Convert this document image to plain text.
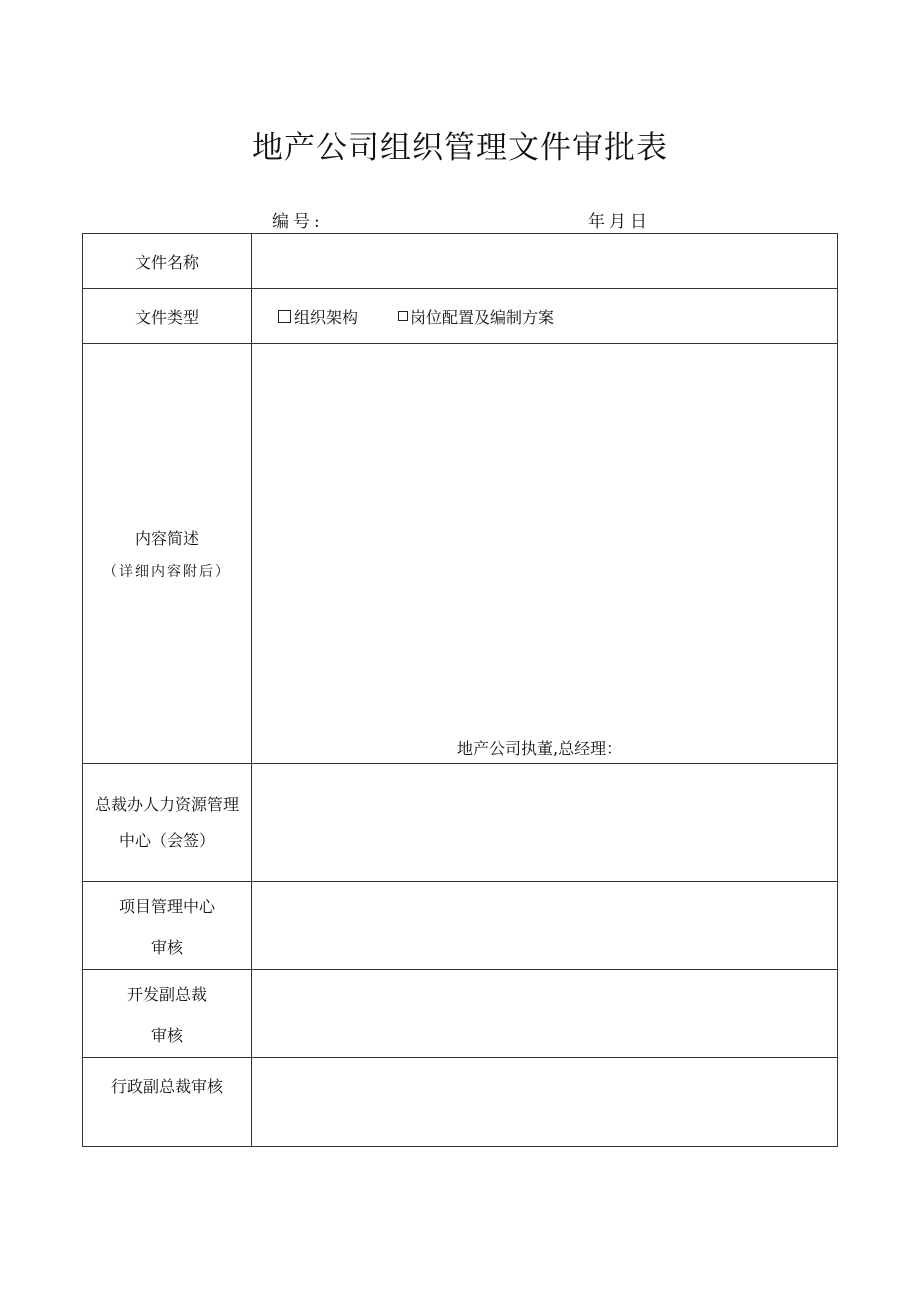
地产公司组织管理文件审批表
编号:	年月日
文件名称	
文件类型	组织架构 岗位配置及编制方案

内容简述
（详细内容附后）	地产公司执董,总经理：

总裁办人力资源管理
中心（会签）	

项目管理中心
审核	

开发副总裁
审核	

行政副总裁审核	
